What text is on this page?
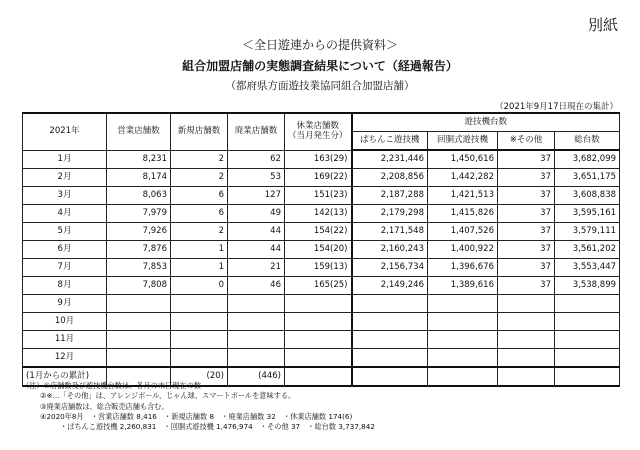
別紙
＜全日遊連からの提供資料＞
組合加盟店舗の実態調査結果について（経過報告）
（都府県方面遊技業協同組合加盟店舗）
（2021年9月17日現在の集計）
2021年	営業店舗数	新規店舗数	廃業店舗数	休業店舗数
（当月発生分）	遊技機台数			
					ぱちんこ遊技機	回胴式遊技機	※その他	総台数
1月	8,231	2	62	163(29)	2,231,446	1,450,616	37	3,682,099
2月	8,174	2	53	169(22)	2,208,856	1,442,282	37	3,651,175
3月	8,063	6	127	151(23)	2,187,288	1,421,513	37	3,608,838
4月	7,979	6	49	142(13)	2,179,298	1,415,826	37	3,595,161
5月	7,926	2	44	154(22)	2,171,548	1,407,526	37	3,579,111
6月	7,876	1	44	154(20)	2,160,243	1,400,922	37	3,561,202
7月	7,853	1	21	159(13)	2,156,734	1,396,676	37	3,553,447
8月	7,808	0	46	165(25)	2,149,246	1,389,616	37	3,538,899
9月								
10月								
11月								
12月								
(1月からの累計)		(20)	(446)					
（注）①店舗数及び遊技機台数は、各月の末日現在の数
②※…「その他」は、アレンジボール、じゃん球、スマートボールを意味する。
③廃業店舗数は、総合販売店舗も含む。
④2020年8月　・営業店舗数 8,416　・新規店舗数 8　・廃業店舗数 32　・休業店舗数 174(6)
・ぱちんこ遊技機 2,260,831　・回胴式遊技機 1,476,974　・その他 37　・総台数 3,737,842
